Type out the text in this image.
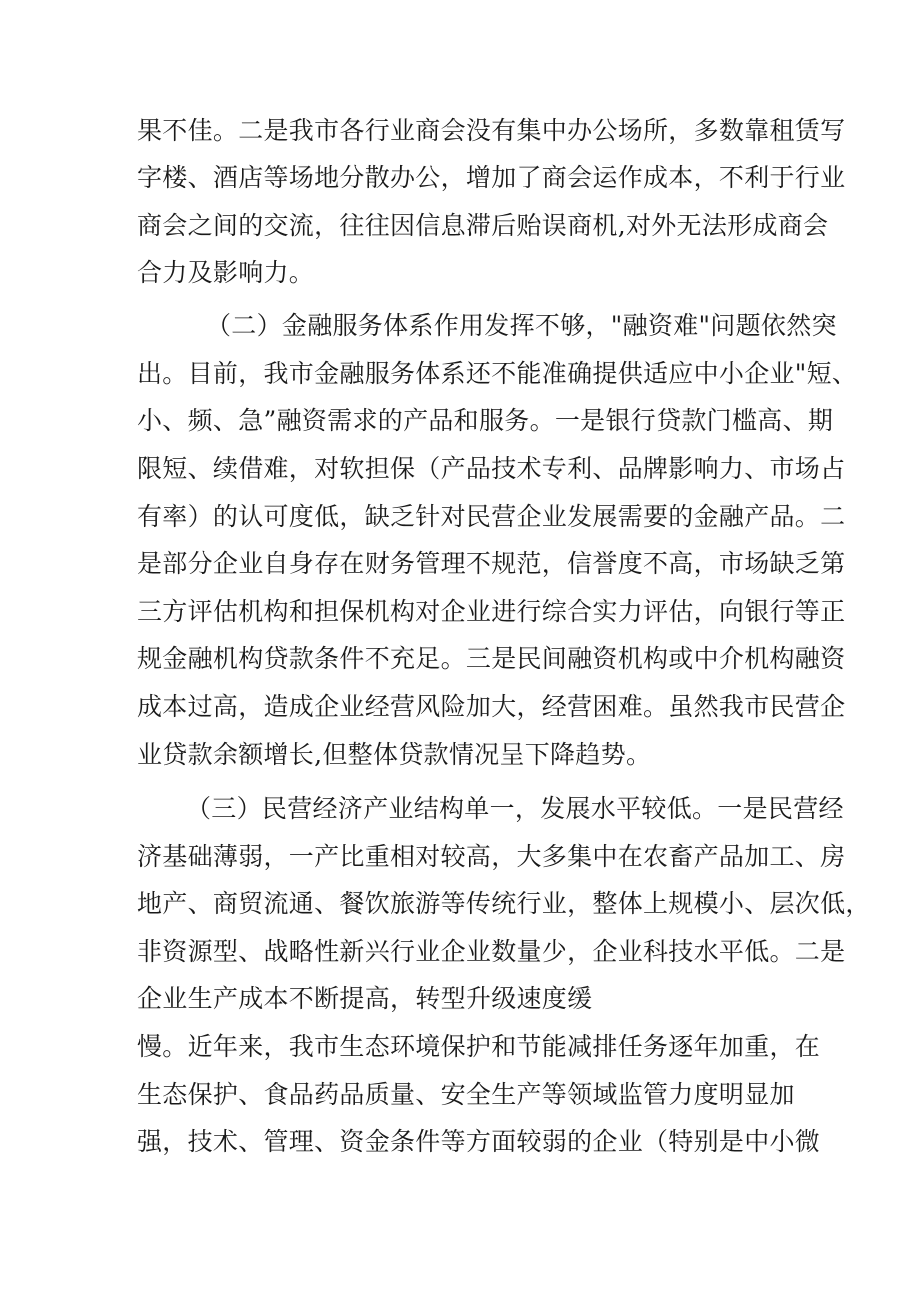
果不佳。二是我市各行业商会没有集中办公场所，多数靠租赁写
字楼、酒店等场地分散办公，增加了商会运作成本，不利于行业
商会之间的交流，往往因信息滞后贻误商机,对外无法形成商会
合力及影响力。
（二）金融服务体系作用发挥不够，"融资难"问题依然突
出。目前，我市金融服务体系还不能准确提供适应中小企业"短、
小、频、急”融资需求的产品和服务。一是银行贷款门槛高、期
限短、续借难，对软担保（产品技术专利、品牌影响力、市场占
有率）的认可度低，缺乏针对民营企业发展需要的金融产品。二
是部分企业自身存在财务管理不规范，信誉度不高，市场缺乏第
三方评估机构和担保机构对企业进行综合实力评估，向银行等正
规金融机构贷款条件不充足。三是民间融资机构或中介机构融资
成本过高，造成企业经营风险加大，经营困难。虽然我市民营企
业贷款余额增长,但整体贷款情况呈下降趋势。
（三）民营经济产业结构单一，发展水平较低。一是民营经
济基础薄弱，一产比重相对较高，大多集中在农畜产品加工、房
地产、商贸流通、餐饮旅游等传统行业，整体上规模小、层次低，
非资源型、战略性新兴行业企业数量少，企业科技水平低。二是
企业生产成本不断提高，转型升级速度缓
慢。近年来，我市生态环境保护和节能减排任务逐年加重，在
生态保护、食品药品质量、安全生产等领域监管力度明显加
强，技术、管理、资金条件等方面较弱的企业（特别是中小微
